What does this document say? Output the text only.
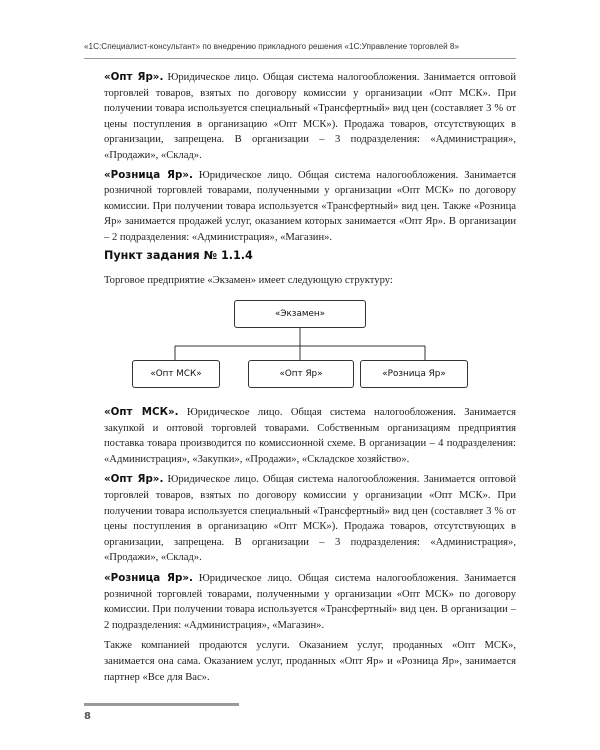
«1С:Специалист-консультант» по внедрению прикладного решения «1С:Управление торговлей 8»

«Опт Яр». Юридическое лицо. Общая система налогообложения. Занимается оптовой торговлей товаров, взятых по договору комиссии у организации «Опт МСК». При получении товара используется специальный «Трансфертный» вид цен (составляет 3 % от цены поступления в организацию «Опт МСК»). Продажа товаров, отсутствующих в организации, запрещена. В организации – 3 подразделения: «Администрация», «Продажи», «Склад».

«Розница Яр». Юридическое лицо. Общая система налогообложения. Занимается розничной торговлей товарами, полученными у организации «Опт МСК» по договору комиссии. При получении товара используется «Трансфертный» вид цен. Также «Розница Яр» занимается продажей услуг, оказанием которых занимается «Опт Яр». В организации – 2 подразделения: «Администрация», «Магазин».

Пункт задания № 1.1.4

Торговое предприятие «Экзамен» имеет следующую структуру:

«Экзамен»
«Опт МСК»	«Опт Яр»	«Розница Яр»

«Опт МСК». Юридическое лицо. Общая система налогообложения. Занимается закупкой и оптовой торговлей товарами. Собственным организациям предприятия поставка товара производится по комиссионной схеме. В организации – 4 подразделения: «Администрация», «Закупки», «Продажи», «Складское хозяйство».

«Опт Яр». Юридическое лицо. Общая система налогообложения. Занимается оптовой торговлей товаров, взятых по договору комиссии у организации «Опт МСК». При получении товара используется специальный «Трансфертный» вид цен (составляет 3 % от цены поступления в организацию «Опт МСК»). Продажа товаров, отсутствующих в организации, запрещена. В организации – 3 подразделения: «Администрация», «Продажи», «Склад».

«Розница Яр». Юридическое лицо. Общая система налогообложения. Занимается розничной торговлей товарами, полученными у организации «Опт МСК» по договору комиссии. При получении товара используется «Трансфертный» вид цен. В организации – 2 подразделения: «Администрация», «Магазин».

Также компанией продаются услуги. Оказанием услуг, проданных «Опт МСК», занимается она сама. Оказанием услуг, проданных «Опт Яр» и «Розница Яр», занимается партнер «Все для Вас».

8
